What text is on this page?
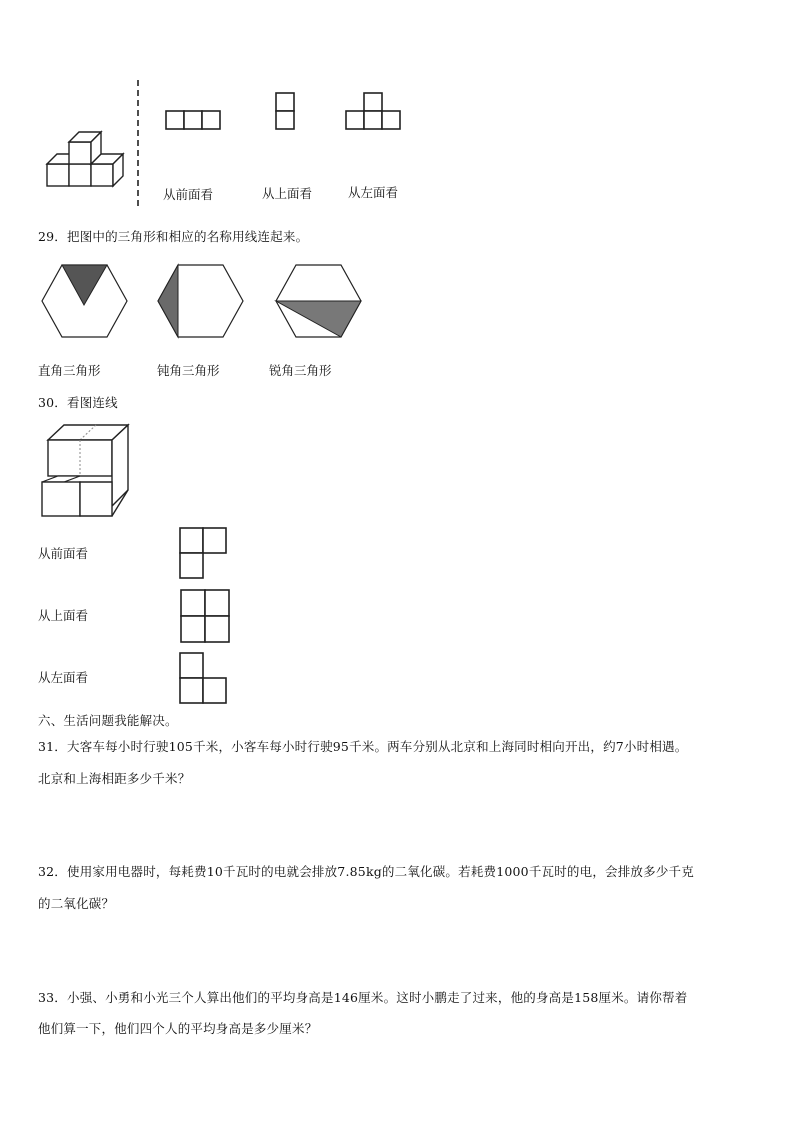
从前面看	从上面看	从左面看
29．把图中的三角形和相应的名称用线连起来。
直角三角形	钝角三角形	锐角三角形
30．看图连线
从前面看
从上面看
从左面看
六、生活问题我能解决。
31．大客车每小时行驶105千米，小客车每小时行驶95千米。两车分别从北京和上海同时相向开出，约7小时相遇。
北京和上海相距多少千米？
32．使用家用电器时，每耗费10千瓦时的电就会排放7.85kg的二氧化碳。若耗费1000千瓦时的电，会排放多少千克
的二氧化碳？
33．小强、小勇和小光三个人算出他们的平均身高是146厘米。这时小鹏走了过来，他的身高是158厘米。请你帮着
他们算一下，他们四个人的平均身高是多少厘米？
